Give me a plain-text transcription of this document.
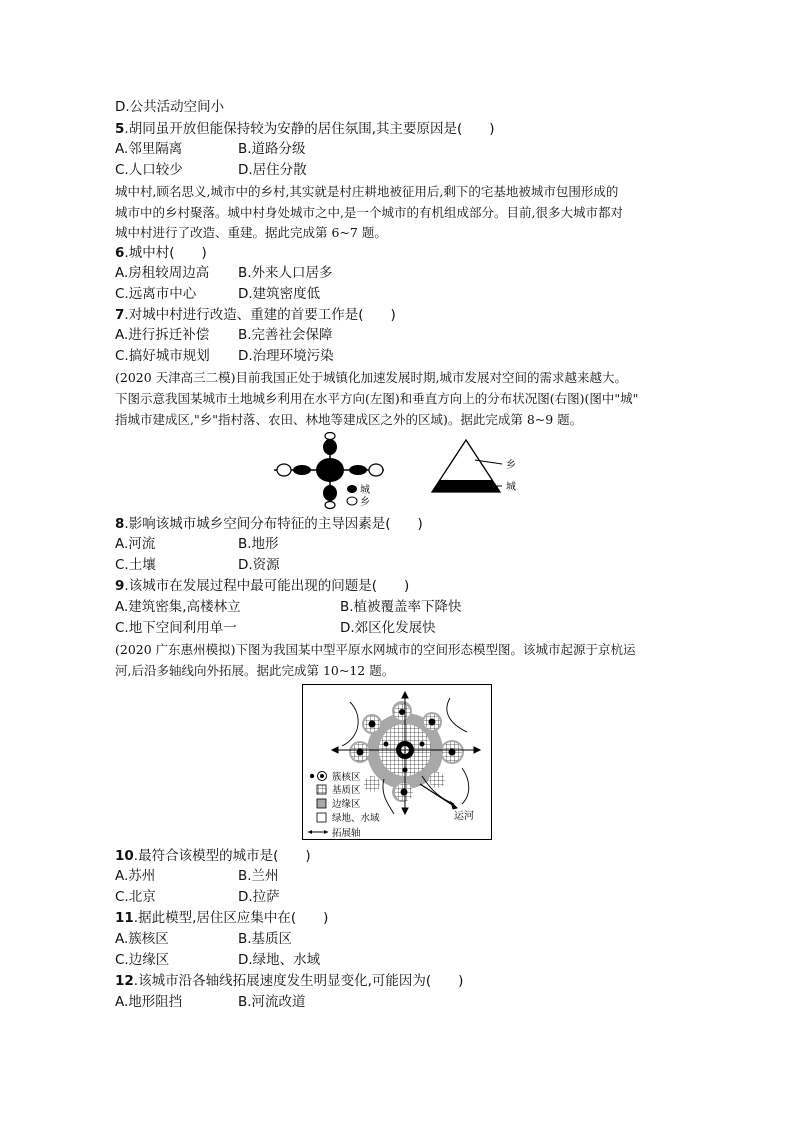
D.公共活动空间小
5.胡同虽开放但能保持较为安静的居住氛围,其主要原因是(　　)
A.邻里隔离	B.道路分级
C.人口较少	D.居住分散
城中村,顾名思义,城市中的乡村,其实就是村庄耕地被征用后,剩下的宅基地被城市包围形成的
城市中的乡村聚落。城中村身处城市之中,是一个城市的有机组成部分。目前,很多大城市都对
城中村进行了改造、重建。据此完成第 6~7 题。
6.城中村(　　)
A.房租较周边高 B.外来人口居多
C.远离市中心	D.建筑密度低
7.对城中村进行改造、重建的首要工作是(　　)
A.进行拆迁补偿 B.完善社会保障
C.搞好城市规划 D.治理环境污染
(2020 天津高三二模)目前我国正处于城镇化加速发展时期,城市发展对空间的需求越来越大。
下图示意我国某城市土地城乡利用在水平方向(左图)和垂直方向上的分布状况图(右图)(图中"城"
指城市建成区,"乡"指村落、农田、林地等建成区之外的区域)。据此完成第 8~9 题。
城
乡
乡
城
8.影响该城市城乡空间分布特征的主导因素是(　　)
A.河流	B.地形
C.土壤	D.资源
9.该城市在发展过程中最可能出现的问题是(　　)
A.建筑密集,高楼林立	B.植被覆盖率下降快
C.地下空间利用单一	D.郊区化发展快
(2020 广东惠州模拟)下图为我国某中型平原水网城市的空间形态模型图。该城市起源于京杭运
河,后沿多轴线向外拓展。据此完成第 10~12 题。
运河
簇核区
基质区
边缘区
绿地、水域
拓展轴
10.最符合该模型的城市是(　　)
A.苏州	B.兰州
C.北京	D.拉萨
11.据此模型,居住区应集中在(　　)
A.簇核区	B.基质区
C.边缘区	D.绿地、水域
12.该城市沿各轴线拓展速度发生明显变化,可能因为(　　)
A.地形阻挡	B.河流改道
